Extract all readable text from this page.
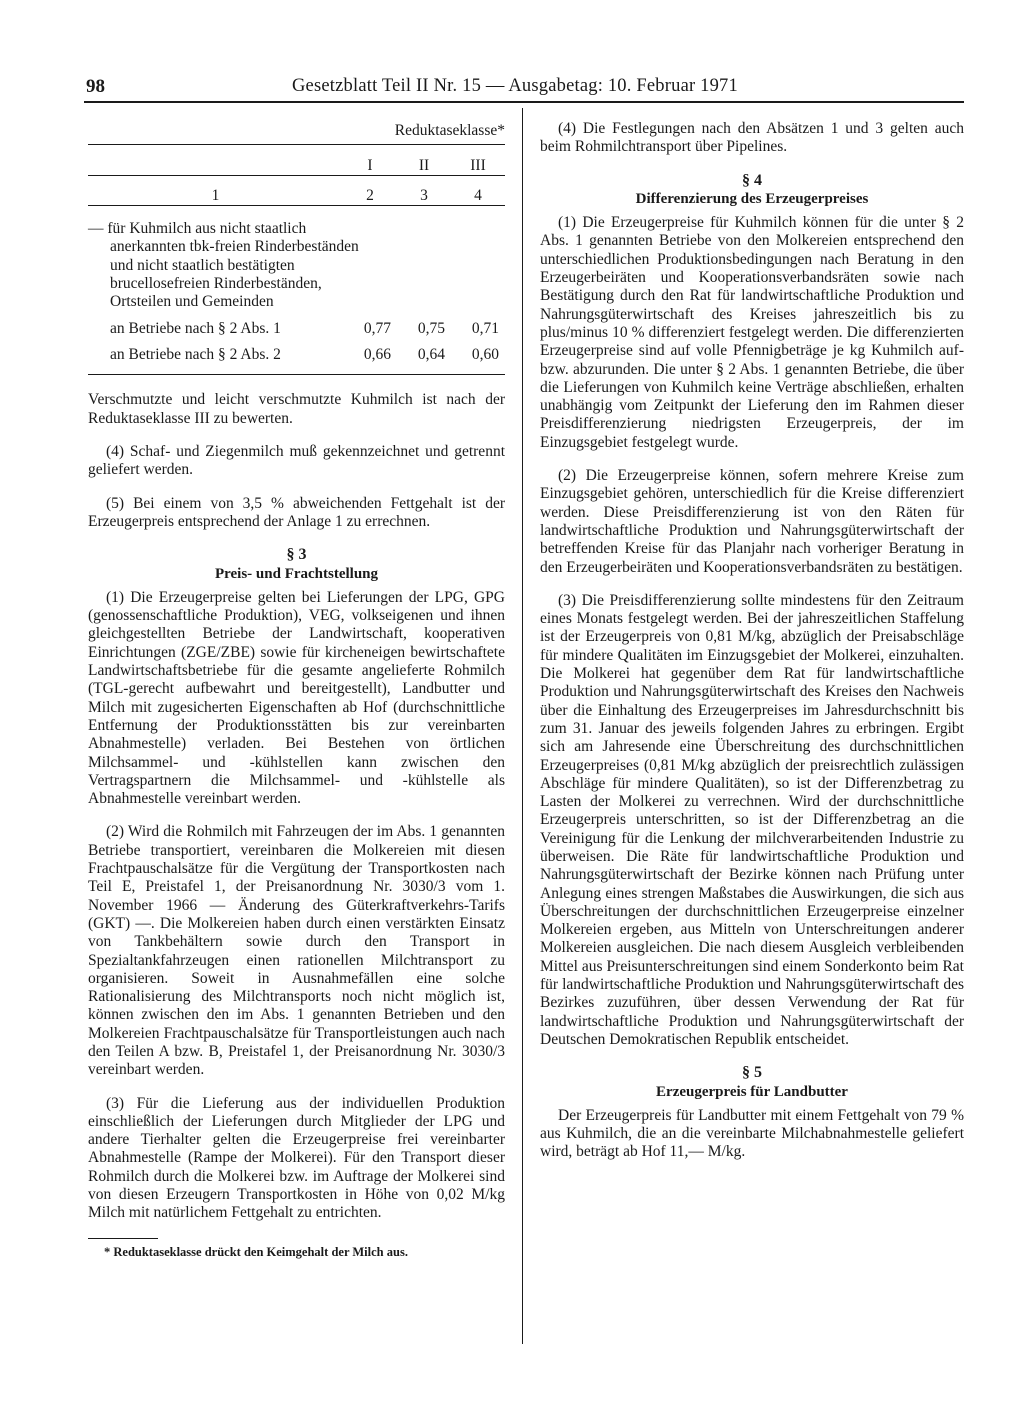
98	Gesetzblatt Teil II Nr. 15 — Ausgabetag: 10. Februar 1971
Reduktaseklasse*
I	II	III
1	2	3	4
— für Kuhmilch aus nicht staatlich anerkannten tbk-freien Rinderbeständen und nicht staatlich bestätigten brucellosefreien Rinderbeständen, Ortsteilen und Gemeinden
an Betriebe nach § 2 Abs. 1	0,77	0,75	0,71
an Betriebe nach § 2 Abs. 2	0,66	0,64	0,60

Verschmutzte und leicht verschmutzte Kuhmilch ist nach der Reduktaseklasse III zu bewerten.

(4) Schaf- und Ziegenmilch muß gekennzeichnet und getrennt geliefert werden.

(5) Bei einem von 3,5 % abweichenden Fettgehalt ist der Erzeugerpreis entsprechend der Anlage 1 zu errechnen.

§ 3

Preis- und Frachtstellung

(1) Die Erzeugerpreise gelten bei Lieferungen der LPG, GPG (genossenschaftliche Produktion), VEG, volkseigenen und ihnen gleichgestellten Betriebe der Landwirtschaft, kooperativen Einrichtungen (ZGE/ZBE) sowie für kircheneigen bewirtschaftete Landwirtschaftsbetriebe für die gesamte angelieferte Rohmilch (TGL-gerecht aufbewahrt und bereitgestellt), Landbutter und Milch mit zugesicherten Eigenschaften ab Hof (durchschnittliche Entfernung der Produktionsstätten bis zur vereinbarten Abnahmestelle) verladen. Bei Bestehen von örtlichen Milchsammel- und -kühlstellen kann zwischen den Vertragspartnern die Milchsammel- und -kühlstelle als Abnahmestelle vereinbart werden.

(2) Wird die Rohmilch mit Fahrzeugen der im Abs. 1 genannten Betriebe transportiert, vereinbaren die Molkereien mit diesen Frachtpauschalsätze für die Vergütung der Transportkosten nach Teil E, Preistafel 1, der Preisanordnung Nr. 3030/3 vom 1. November 1966 — Änderung des Güterkraftverkehrs-Tarifs (GKT) —. Die Molkereien haben durch einen verstärkten Einsatz von Tankbehältern sowie durch den Transport in Spezialtankfahrzeugen einen rationellen Milchtransport zu organisieren. Soweit in Ausnahmefällen eine solche Rationalisierung des Milchtransports noch nicht möglich ist, können zwischen den im Abs. 1 genannten Betrieben und den Molkereien Frachtpauschalsätze für Transportleistungen auch nach den Teilen A bzw. B, Preistafel 1, der Preisanordnung Nr. 3030/3 vereinbart werden.

(3) Für die Lieferung aus der individuellen Produktion einschließlich der Lieferungen durch Mitglieder der LPG und andere Tierhalter gelten die Erzeugerpreise frei vereinbarter Abnahmestelle (Rampe der Molkerei). Für den Transport dieser Rohmilch durch die Molkerei bzw. im Auftrage der Molkerei sind von diesen Erzeugern Transportkosten in Höhe von 0,02 M/kg Milch mit natürlichem Fettgehalt zu entrichten.

* Reduktaseklasse drückt den Keimgehalt der Milch aus.

(4) Die Festlegungen nach den Absätzen 1 und 3 gelten auch beim Rohmilchtransport über Pipelines.

§ 4

Differenzierung des Erzeugerpreises

(1) Die Erzeugerpreise für Kuhmilch können für die unter § 2 Abs. 1 genannten Betriebe von den Molkereien entsprechend den unterschiedlichen Produktionsbedingungen nach Beratung in den Erzeugerbeiräten und Kooperationsverbandsräten sowie nach Bestätigung durch den Rat für landwirtschaftliche Produktion und Nahrungsgüterwirtschaft des Kreises jahreszeitlich bis zu plus/minus 10 % differenziert festgelegt werden. Die differenzierten Erzeugerpreise sind auf volle Pfennigbeträge je kg Kuhmilch auf- bzw. abzurunden. Die unter § 2 Abs. 1 genannten Betriebe, die über die Lieferungen von Kuhmilch keine Verträge abschließen, erhalten unabhängig vom Zeitpunkt der Lieferung den im Rahmen dieser Preisdifferenzierung niedrigsten Erzeugerpreis, der im Einzugsgebiet festgelegt wurde.

(2) Die Erzeugerpreise können, sofern mehrere Kreise zum Einzugsgebiet gehören, unterschiedlich für die Kreise differenziert werden. Diese Preisdifferenzierung ist von den Räten für landwirtschaftliche Produktion und Nahrungsgüterwirtschaft der betreffenden Kreise für das Planjahr nach vorheriger Beratung in den Erzeugerbeiräten und Kooperationsverbandsräten zu bestätigen.

(3) Die Preisdifferenzierung sollte mindestens für den Zeitraum eines Monats festgelegt werden. Bei der jahreszeitlichen Staffelung ist der Erzeugerpreis von 0,81 M/kg, abzüglich der Preisabschläge für mindere Qualitäten im Einzugsgebiet der Molkerei, einzuhalten. Die Molkerei hat gegenüber dem Rat für landwirtschaftliche Produktion und Nahrungsgüterwirtschaft des Kreises den Nachweis über die Einhaltung des Erzeugerpreises im Jahresdurchschnitt bis zum 31. Januar des jeweils folgenden Jahres zu erbringen. Ergibt sich am Jahresende eine Überschreitung des durchschnittlichen Erzeugerpreises (0,81 M/kg abzüglich der preisrechtlich zulässigen Abschläge für mindere Qualitäten), so ist der Differenzbetrag zu Lasten der Molkerei zu verrechnen. Wird der durchschnittliche Erzeugerpreis unterschritten, so ist der Differenzbetrag an die Vereinigung für die Lenkung der milchverarbeitenden Industrie zu überweisen. Die Räte für landwirtschaftliche Produktion und Nahrungsgüterwirtschaft der Bezirke können nach Prüfung unter Anlegung eines strengen Maßstabes die Auswirkungen, die sich aus Überschreitungen der durchschnittlichen Erzeugerpreise einzelner Molkereien ergeben, aus Mitteln von Unterschreitungen anderer Molkereien ausgleichen. Die nach diesem Ausgleich verbleibenden Mittel aus Preisunterschreitungen sind einem Sonderkonto beim Rat für landwirtschaftliche Produktion und Nahrungsgüterwirtschaft des Bezirkes zuzuführen, über dessen Verwendung der Rat für landwirtschaftliche Produktion und Nahrungsgüterwirtschaft der Deutschen Demokratischen Republik entscheidet.

§ 5

Erzeugerpreis für Landbutter

Der Erzeugerpreis für Landbutter mit einem Fettgehalt von 79 % aus Kuhmilch, die an die vereinbarte Milchabnahmestelle geliefert wird, beträgt ab Hof 11,— M/kg.
